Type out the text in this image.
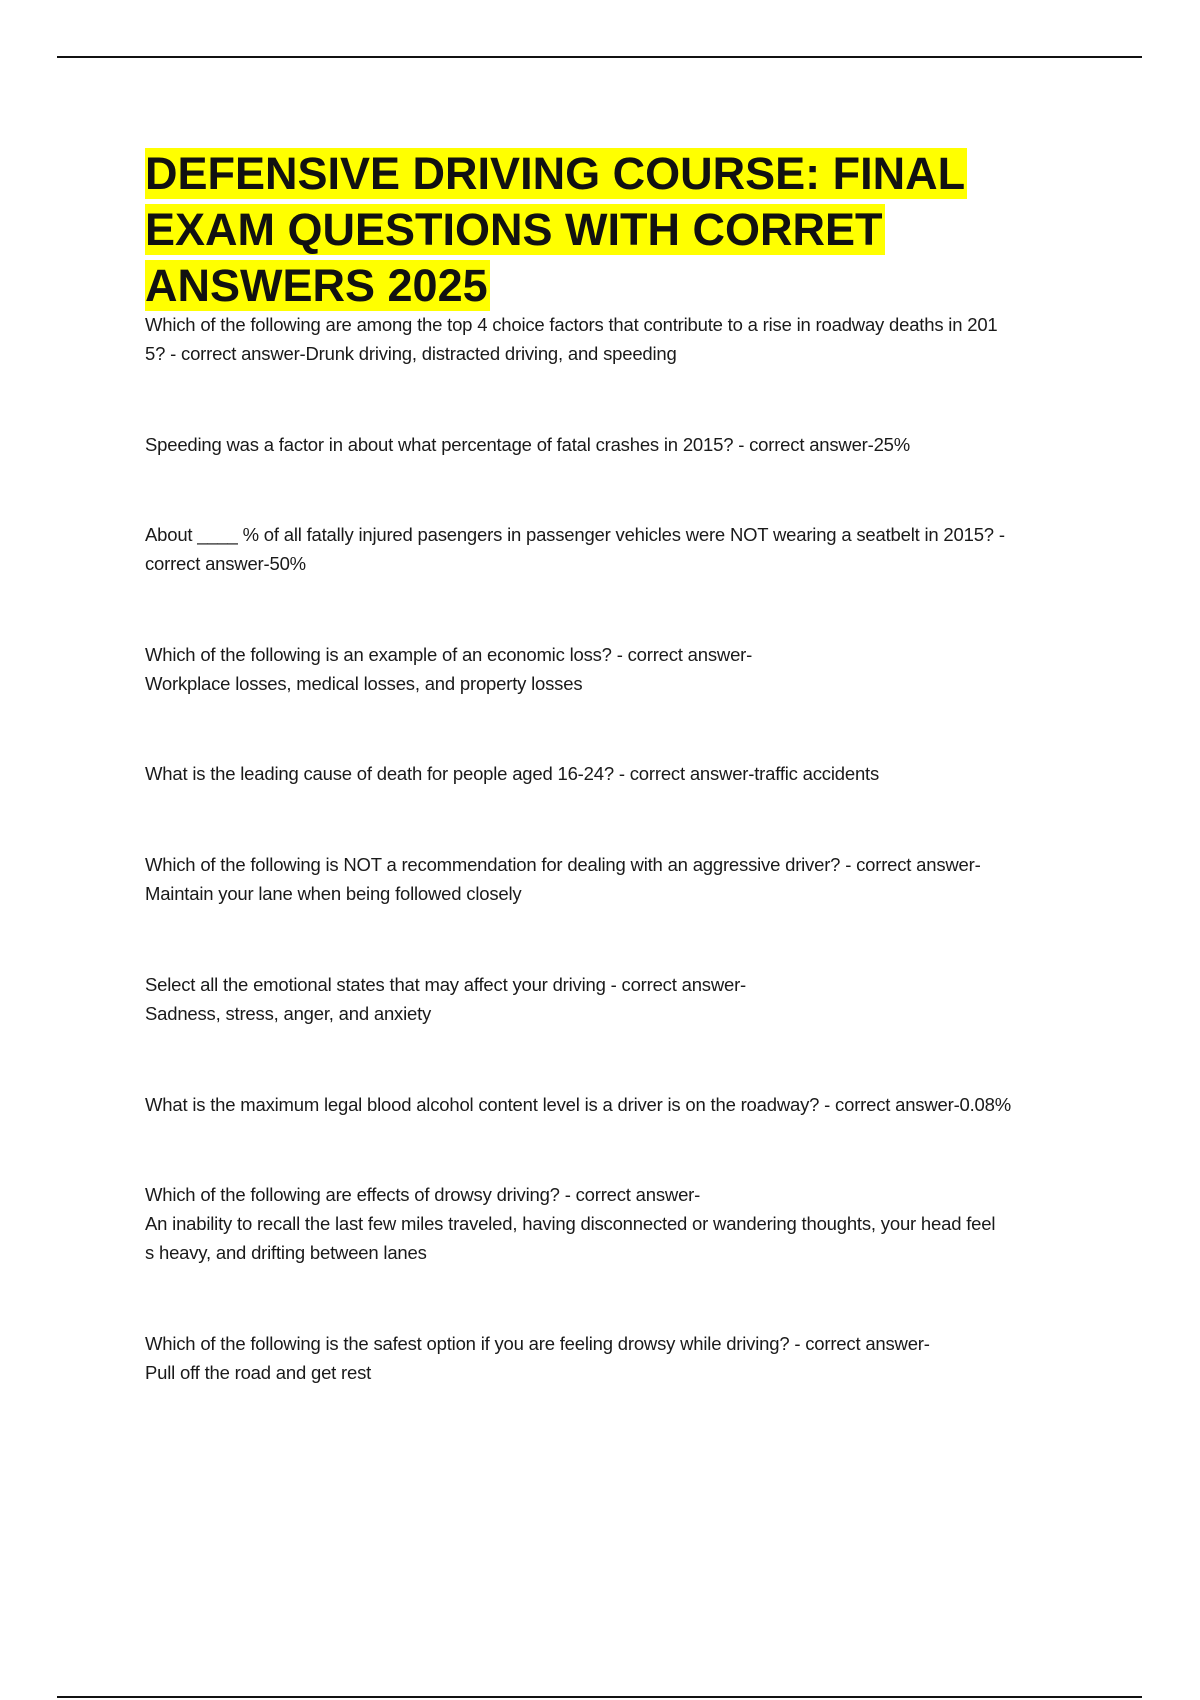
DEFENSIVE DRIVING COURSE: FINAL EXAM QUESTIONS WITH CORRET ANSWERS 2025

Which of the following are among the top 4 choice factors that contribute to a rise in roadway deaths in 201

5? - correct answer-Drunk driving, distracted driving, and speeding

Speeding was a factor in about what percentage of fatal crashes in 2015? - correct answer-25%

About ____ % of all fatally injured pasengers in passenger vehicles were NOT wearing a seatbelt in 2015? -

correct answer-50%

Which of the following is an example of an economic loss? - correct answer-

Workplace losses, medical losses, and property losses

What is the leading cause of death for people aged 16-24? - correct answer-traffic accidents

Which of the following is NOT a recommendation for dealing with an aggressive driver? - correct answer-

Maintain your lane when being followed closely

Select all the emotional states that may affect your driving - correct answer-

Sadness, stress, anger, and anxiety

What is the maximum legal blood alcohol content level is a driver is on the roadway? - correct answer-0.08%

Which of the following are effects of drowsy driving? - correct answer-

An inability to recall the last few miles traveled, having disconnected or wandering thoughts, your head feel

s heavy, and drifting between lanes

Which of the following is the safest option if you are feeling drowsy while driving? - correct answer-

Pull off the road and get rest
